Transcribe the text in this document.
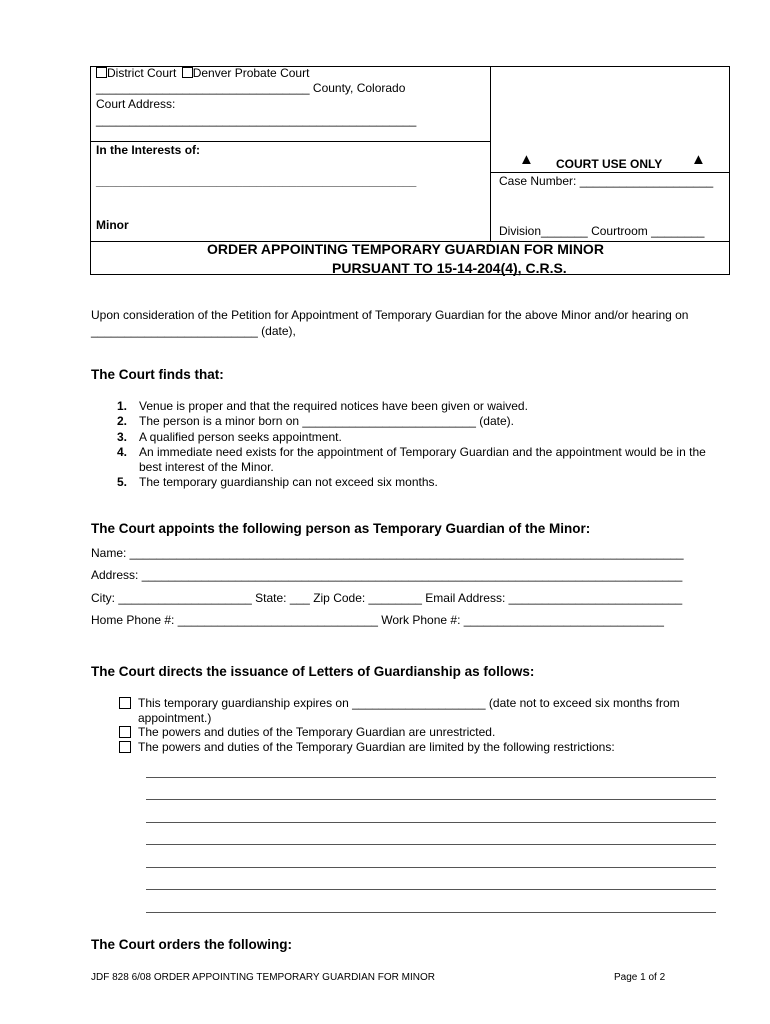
District Court Denver Probate Court
________________________________ County, Colorado
Court Address:
________________________________________________
In the Interests of:
________________________________________________
Minor
▲ COURT USE ONLY ▲
Case Number: ____________________
Division_______ Courtroom ________
ORDER APPOINTING TEMPORARY GUARDIAN FOR MINOR
PURSUANT TO 15-14-204(4), C.R.S.
Upon consideration of the Petition for Appointment of Temporary Guardian for the above Minor and/or hearing on
_________________________ (date),
The Court finds that:
1. Venue is proper and that the required notices have been given or waived.
2. The person is a minor born on __________________________ (date).
3. A qualified person seeks appointment.
4. An immediate need exists for the appointment of Temporary Guardian and the appointment would be in the
best interest of the Minor.
5. The temporary guardianship can not exceed six months.
The Court appoints the following person as Temporary Guardian of the Minor:
Name: ___________________________________________________________________________________
Address: _________________________________________________________________________________
City: ____________________ State: ___ Zip Code: ________ Email Address: __________________________
Home Phone #: ______________________________ Work Phone #: ______________________________
The Court directs the issuance of Letters of Guardianship as follows:
This temporary guardianship expires on ____________________ (date not to exceed six months from
appointment.)
The powers and duties of the Temporary Guardian are unrestricted.
The powers and duties of the Temporary Guardian are limited by the following restrictions:
The Court orders the following:
JDF 828 6/08 ORDER APPOINTING TEMPORARY GUARDIAN FOR MINOR	Page 1 of 2
